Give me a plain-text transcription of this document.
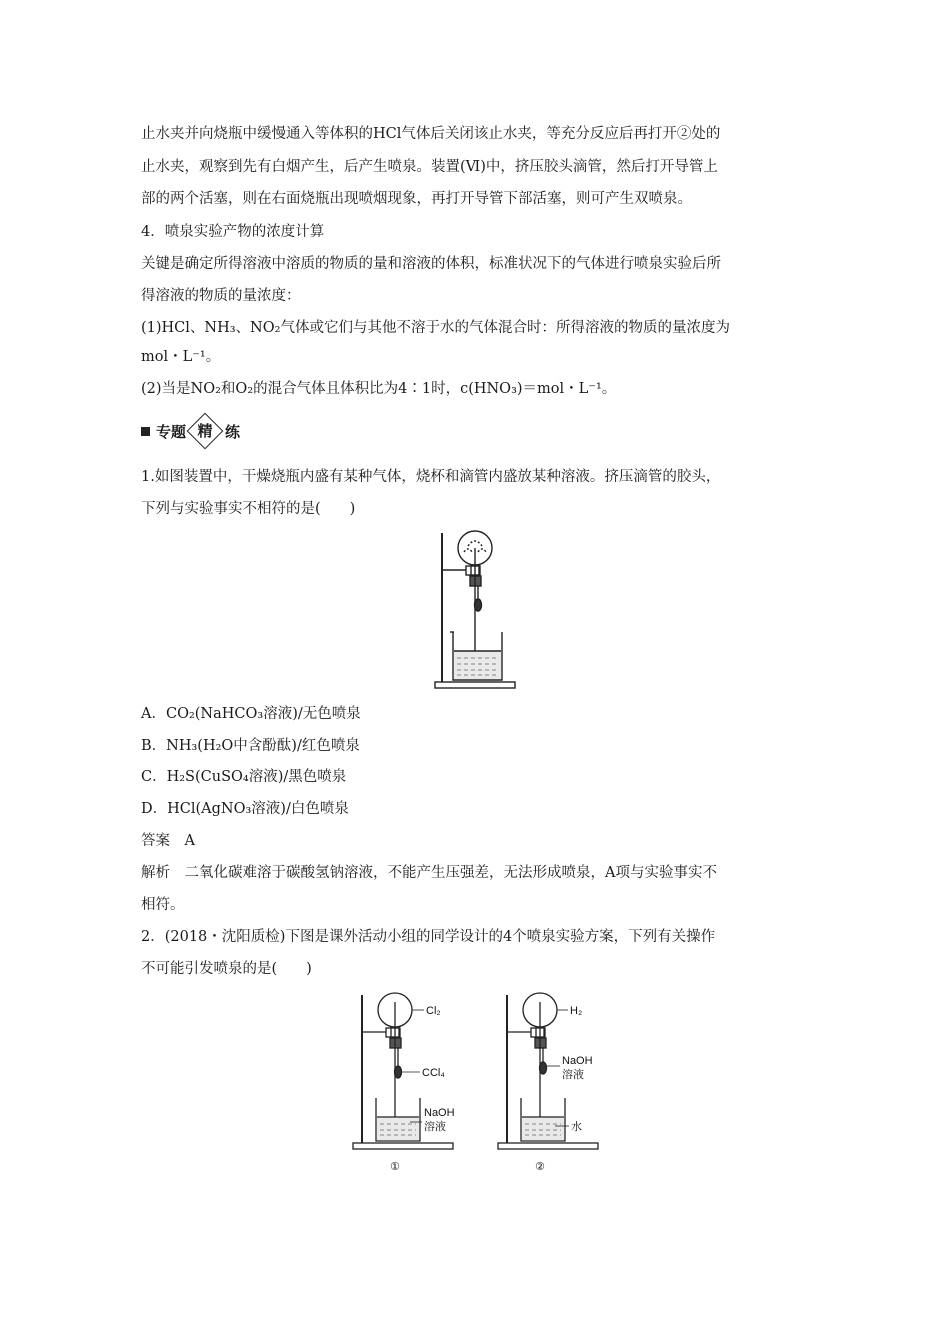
止水夹并向烧瓶中缓慢通入等体积的HCl气体后关闭该止水夹，等充分反应后再打开②处的
止水夹，观察到先有白烟产生，后产生喷泉。装置(Ⅵ)中，挤压胶头滴管，然后打开导管上
部的两个活塞，则在右面烧瓶出现喷烟现象，再打开导管下部活塞，则可产生双喷泉。
4．喷泉实验产物的浓度计算
关键是确定所得溶液中溶质的物质的量和溶液的体积，标准状况下的气体进行喷泉实验后所
得溶液的物质的量浓度：
(1)HCl、NH₃、NO₂气体或它们与其他不溶于水的气体混合时：所得溶液的物质的量浓度为
mol・L⁻¹。
(2)当是NO₂和O₂的混合气体且体积比为4∶1时，c(HNO₃)＝mol・L⁻¹。
专题 精 练
1.如图装置中，干燥烧瓶内盛有某种气体，烧杯和滴管内盛放某种溶液。挤压滴管的胶头，
下列与实验事实不相符的是(　　)
A．CO₂(NaHCO₃溶液)/无色喷泉
B．NH₃(H₂O中含酚酞)/红色喷泉
C．H₂S(CuSO₄溶液)/黑色喷泉
D．HCl(AgNO₃溶液)/白色喷泉
答案　A
解析　二氧化碳难溶于碳酸氢钠溶液，不能产生压强差，无法形成喷泉，A项与实验事实不
相符。
2．(2018・沈阳质检)下图是课外活动小组的同学设计的4个喷泉实验方案，下列有关操作
不可能引发喷泉的是(　　)
Cl₂
CCl₄
NaOH
溶液
①
H₂
NaOH
溶液
水
②
